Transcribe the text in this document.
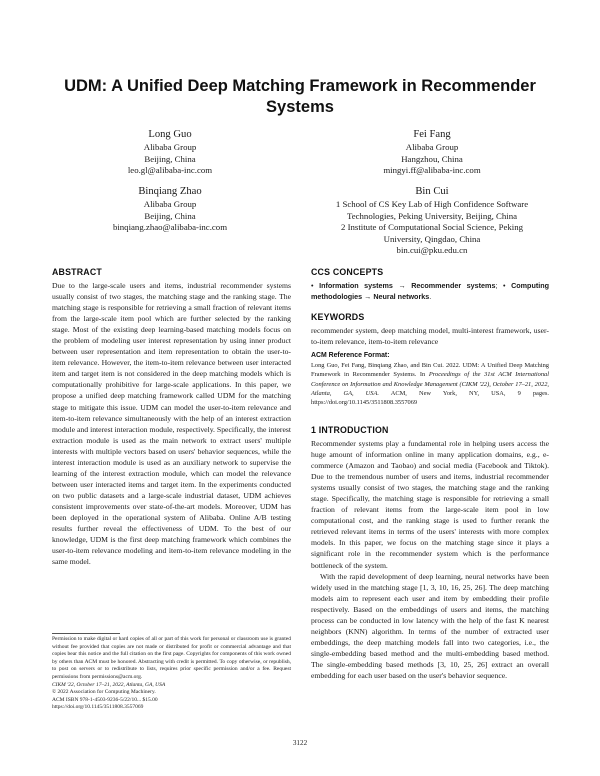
UDM: A Unified Deep Matching Framework in Recommender Systems
Long Guo
Alibaba Group
Beijing, China
leo.gl@alibaba-inc.com
Fei Fang
Alibaba Group
Hangzhou, China
mingyi.ff@alibaba-inc.com
Binqiang Zhao
Alibaba Group
Beijing, China
binqiang.zhao@alibaba-inc.com
Bin Cui
1 School of CS Key Lab of High Confidence Software
Technologies, Peking University, Beijing, China
2 Institute of Computational Social Science, Peking
University, Qingdao, China
bin.cui@pku.edu.cn
ABSTRACT

Due to the large-scale users and items, industrial recommender systems usually consist of two stages, the matching stage and the ranking stage. The matching stage is responsible for retrieving a small fraction of relevant items from the large-scale item pool which are further selected by the ranking stage. Most of the existing deep learning-based matching models focus on the problem of modeling user interest representation by using inner product between user representation and item representation to obtain the user-to-item relevance. However, the item-to-item relevance between user interacted item and target item is not considered in the deep matching models which is computationally prohibitive for large-scale applications. In this paper, we propose a unified deep matching framework called UDM for the matching stage to mitigate this issue. UDM can model the user-to-item relevance and item-to-item relevance simultaneously with the help of an interest extraction module and interest interaction module, respectively. Specifically, the interest extraction module is used as the main network to extract users' multiple interests with multiple vectors based on users' behavior sequences, while the interest interaction module is used as an auxiliary network to supervise the learning of the interest extraction module, which can model the relevance between user interacted items and target item. In the experiments conducted on two public datasets and a large-scale industrial dataset, UDM achieves consistent improvements over state-of-the-art models. Moreover, UDM has been deployed in the operational system of Alibaba. Online A/B testing results further reveal the effectiveness of UDM. To the best of our knowledge, UDM is the first deep matching framework which combines the user-to-item relevance modeling and item-to-item relevance modeling in the same model.

Permission to make digital or hard copies of all or part of this work for personal or classroom use is granted without fee provided that copies are not made or distributed for profit or commercial advantage and that copies bear this notice and the full citation on the first page. Copyrights for components of this work owned by others than ACM must be honored. Abstracting with credit is permitted. To copy otherwise, or republish, to post on servers or to redistribute to lists, requires prior specific permission and/or a fee. Request permissions from permissions@acm.org.
CIKM '22, October 17–21, 2022, Atlanta, GA, USA
© 2022 Association for Computing Machinery.
ACM ISBN 978-1-4503-9236-5/22/10... $15.00
https://doi.org/10.1145/3511808.3557069
CCS CONCEPTS
• Information systems → Recommender systems; • Computing methodologies → Neural networks.
KEYWORDS

recommender system, deep matching model, multi-interest framework, user-to-item relevance, item-to-item relevance

ACM Reference Format:
Long Guo, Fei Fang, Binqiang Zhao, and Bin Cui. 2022. UDM: A Unified Deep Matching Framework in Recommender Systems. In Proceedings of the 31st ACM International Conference on Information and Knowledge Management (CIKM '22), October 17–21, 2022, Atlanta, GA, USA. ACM, New York, NY, USA, 9 pages. https://doi.org/10.1145/3511808.3557069
1 INTRODUCTION

Recommender systems play a fundamental role in helping users access the huge amount of information online in many application domains, e.g., e-commerce (Amazon and Taobao) and social media (Facebook and Tiktok). Due to the tremendous number of users and items, industrial recommender systems usually consist of two stages, the matching stage and the ranking stage. Specifically, the matching stage is responsible for retrieving a small fraction of relevant items from the large-scale item pool in low computational cost, and the ranking stage is used to further rerank the retrieved relevant items in terms of the users' interests with more complex models. In this paper, we focus on the matching stage since it plays a significant role in the recommender system which is the performance bottleneck of the system.

With the rapid development of deep learning, neural networks have been widely used in the matching stage [1, 3, 10, 16, 25, 26]. The deep matching models aim to represent each user and item by embedding their profile respectively. Based on the embeddings of users and items, the matching process can be conducted in low latency with the help of the fast K nearest neighbors (KNN) algorithm. In terms of the number of extracted user embeddings, the deep matching models fall into two categories, i.e., the single-embedding based method and the multi-embedding based method. The single-embedding based methods [3, 10, 25, 26] extract an overall embedding for each user based on the user's behavior sequence.

3122
